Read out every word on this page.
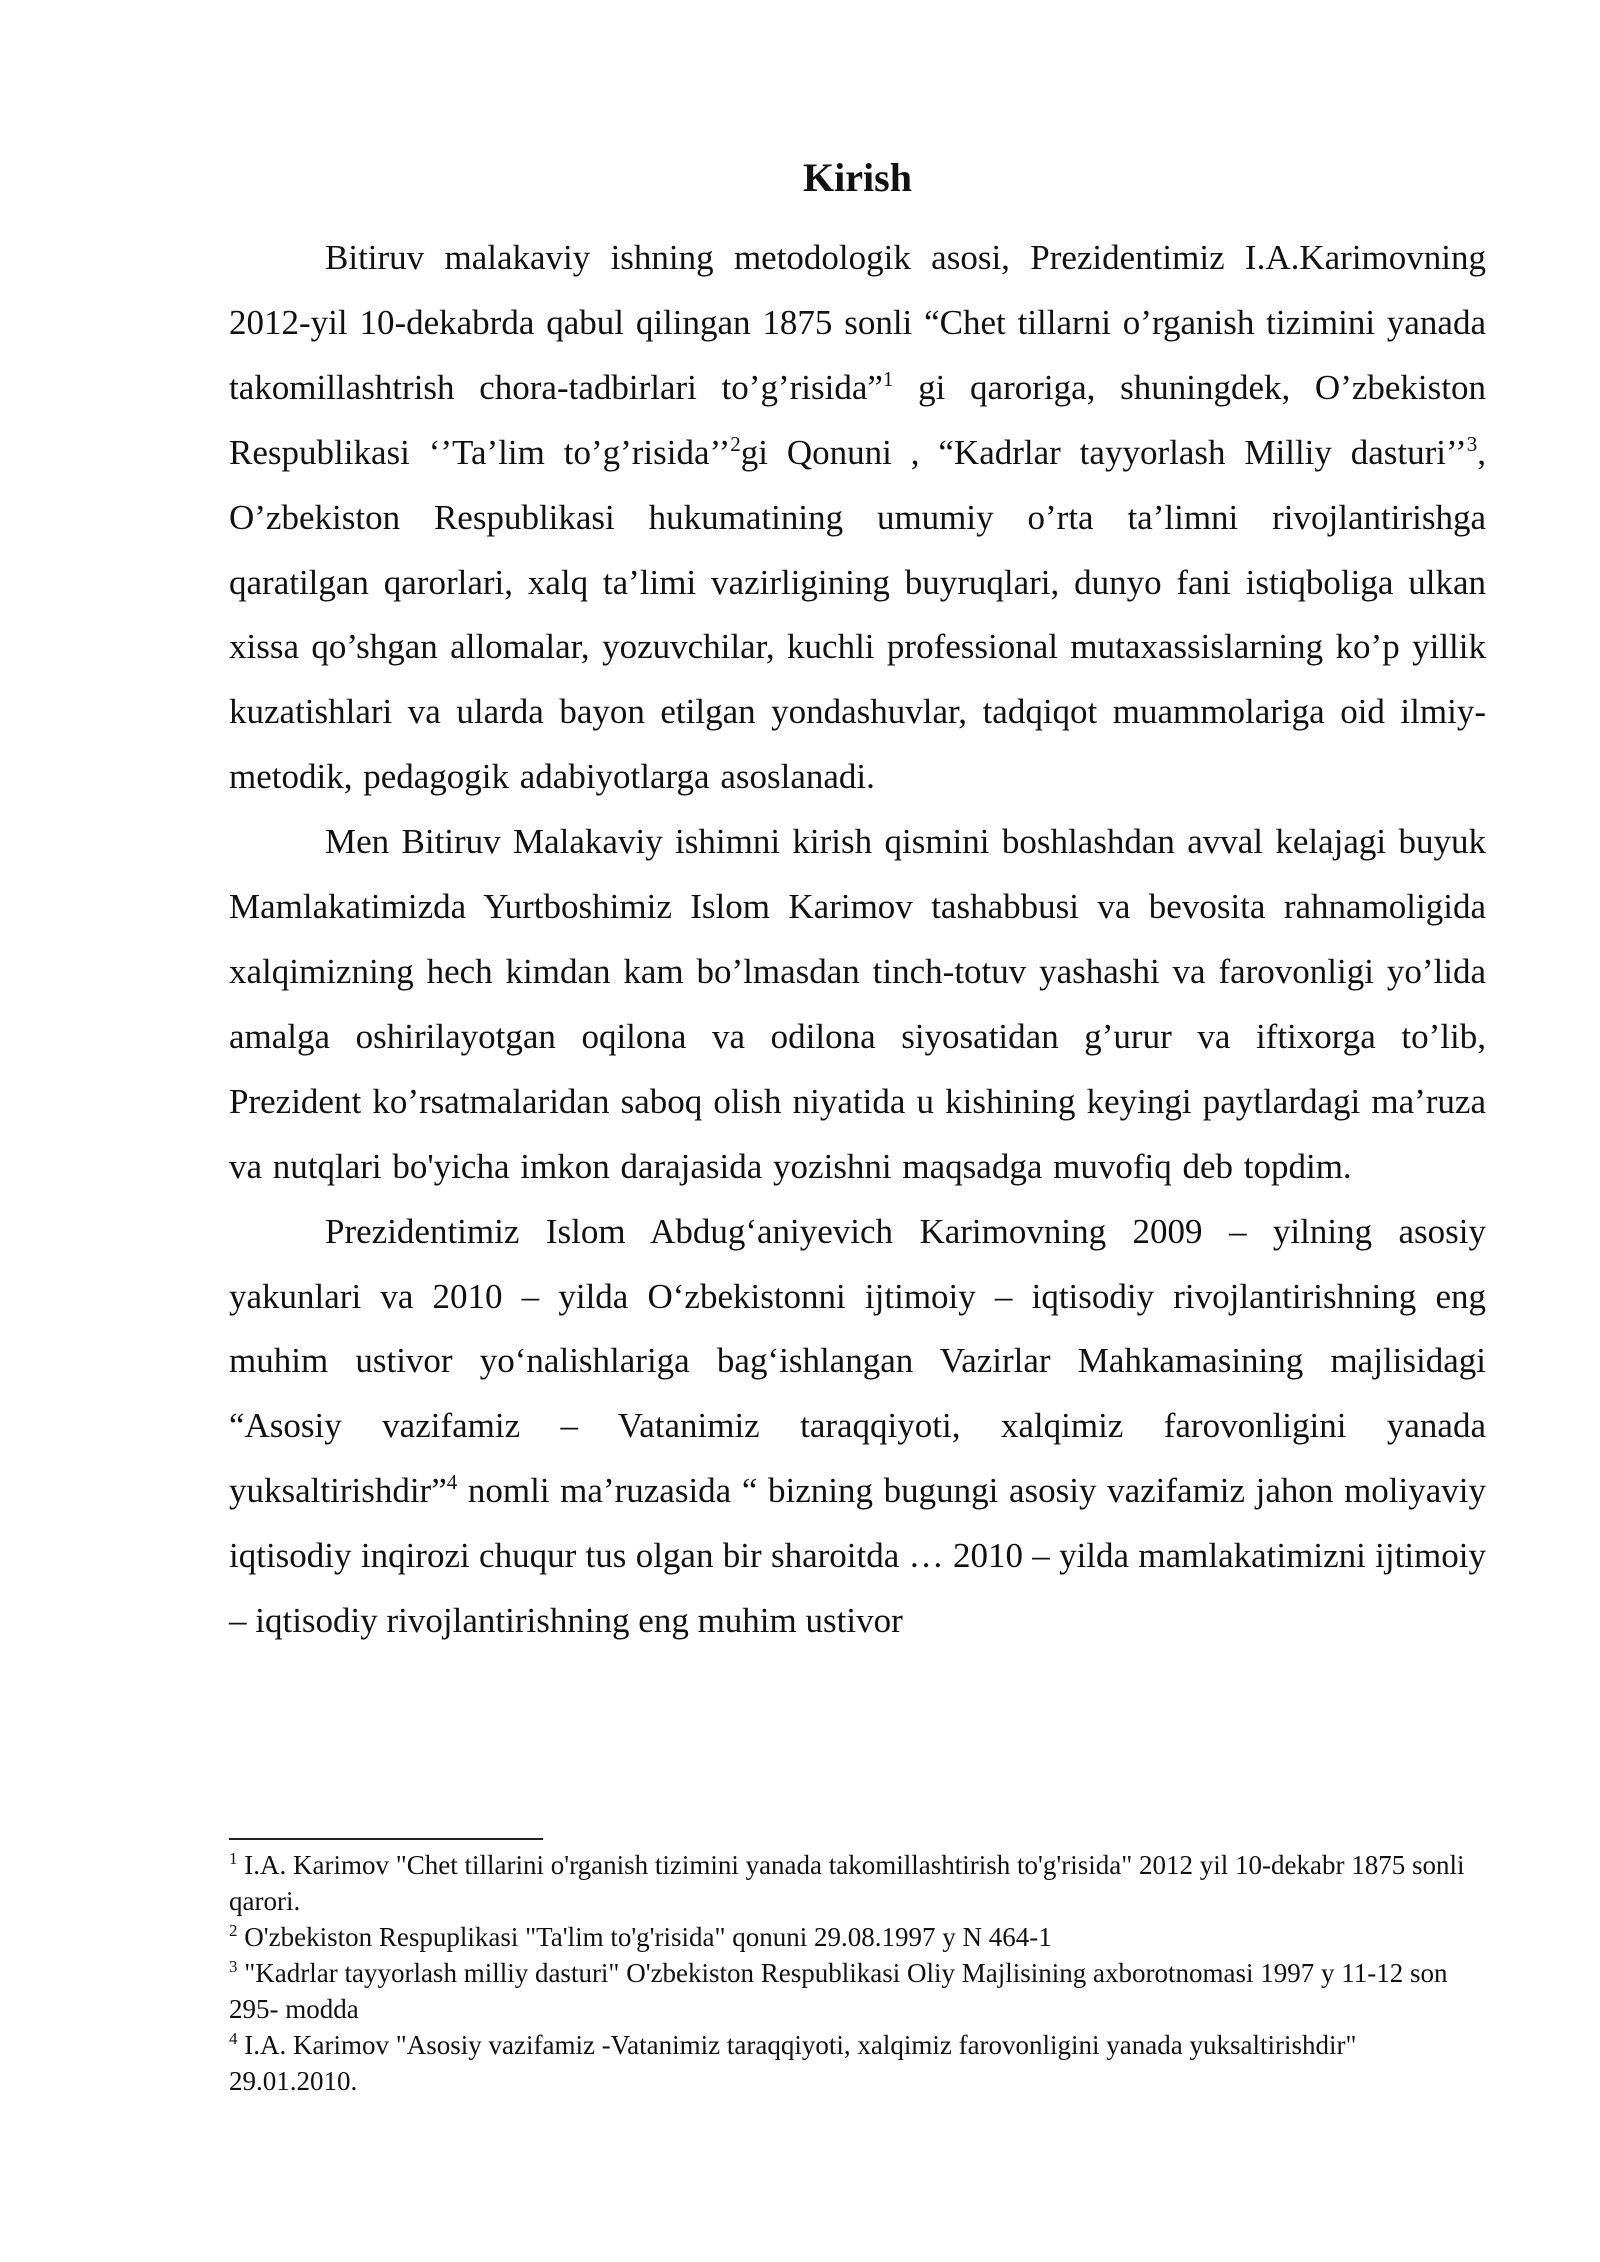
Kirish

Bitiruv malakaviy ishning metodologik asosi, Prezidentimiz I.A.Karimovning 2012-yil 10-dekabrda qabul qilingan 1875 sonli “Chet tillarni o’rganish tizimini yanada takomillashtrish chora-tadbirlari to’g’risida”$^1$ gi qaroriga, shuningdek, O’zbekiston Respublikasi ‘’Ta’lim to’g’risida’’$^2$gi Qonuni , “Kadrlar tayyorlash Milliy dasturi’’$^3$, O’zbekiston Respublikasi hukumatining umumiy o’rta ta’limni rivojlantirishga qaratilgan qarorlari, xalq ta’limi vazirligining buyruqlari, dunyo fani istiqboliga ulkan xissa qo’shgan allomalar, yozuvchilar, kuchli professional mutaxassislarning ko’p yillik kuzatishlari va ularda bayon etilgan yondashuvlar, tadqiqot muammolariga oid ilmiy-metodik, pedagogik adabiyotlarga asoslanadi.

Men Bitiruv Malakaviy ishimni kirish qismini boshlashdan avval kelajagi buyuk Mamlakatimizda Yurtboshimiz Islom Karimov tashabbusi va bevosita rahnamoligida xalqimizning hech kimdan kam bo’lmasdan tinch-totuv yashashi va farovonligi yo’lida amalga oshirilayotgan oqilona va odilona siyosatidan g’urur va iftixorga to’lib, Prezident ko’rsatmalaridan saboq olish niyatida u kishining keyingi paytlardagi ma’ruza va nutqlari bo'yicha imkon darajasida yozishni maqsadga muvofiq deb topdim.

Prezidentimiz Islom Abdug‘aniyevich Karimovning 2009 – yilning asosiy yakunlari va 2010 – yilda O‘zbekistonni ijtimoiy – iqtisodiy rivojlantirishning eng muhim ustivor yo‘nalishlariga bag‘ishlangan Vazirlar Mahkamasining majlisidagi “Asosiy vazifamiz – Vatanimiz taraqqiyoti, xalqimiz farovonligini yanada yuksaltirishdir”$^4$ nomli ma’ruzasida “ bizning bugungi asosiy vazifamiz jahon moliyaviy iqtisodiy inqirozi chuqur tus olgan bir sharoitda … 2010 – yilda mamlakatimizni ijtimoiy – iqtisodiy rivojlantirishning eng muhim ustivor

$^1$ I.A. Karimov "Chet tillarini o'rganish tizimini yanada takomillashtirish to'g'risida" 2012 yil 10-dekabr 1875 sonli qarori.

$^2$ O'zbekiston Respuplikasi "Ta'lim to'g'risida" qonuni 29.08.1997 y N 464-1

$^3$ "Kadrlar tayyorlash milliy dasturi" O'zbekiston Respublikasi Oliy Majlisining axborotnomasi 1997 y 11-12 son 295- modda

$^4$ I.A. Karimov "Asosiy vazifamiz -Vatanimiz taraqqiyoti, xalqimiz farovonligini yanada yuksaltirishdir" 29.01.2010.
